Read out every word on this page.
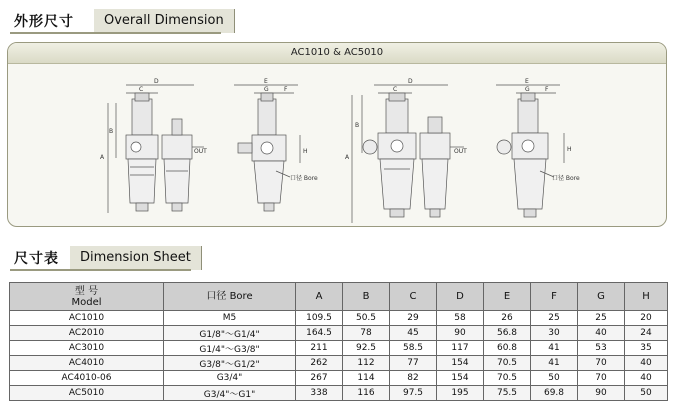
外形尺寸	Overall Dimension
AC1010 & AC5010
D
C
A
B
OUT
E
G	F
H
口径 Bore
D
C
A
B
OUT
E
G	F
H
口径 Bore
尺寸表	Dimension Sheet
型 号
Model	口径 Bore	A	B	C	D	E	F	G	H
AC1010	M5	109.5	50.5	29	58	26	25	25	20
AC2010	G1/8"～G1/4"	164.5	78	45	90	56.8	30	40	24
AC3010	G1/4"～G3/8"	211	92.5	58.5	117	60.8	41	53	35
AC4010	G3/8"～G1/2"	262	112	77	154	70.5	41	70	40
AC4010-06	G3/4"	267	114	82	154	70.5	50	70	40
AC5010	G3/4"～G1"	338	116	97.5	195	75.5	69.8	90	50
